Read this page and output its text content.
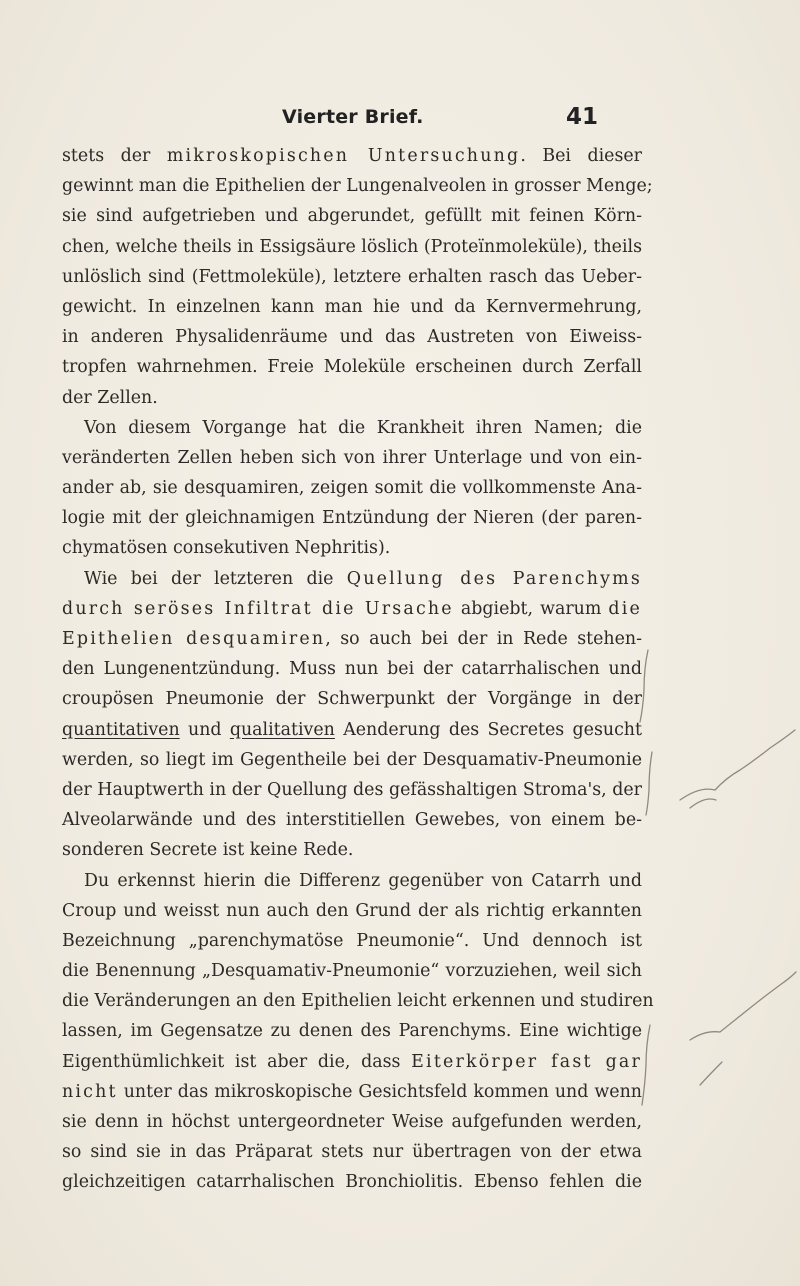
Vierter Brief.	41
stets der mikroskopischen Untersuchung. Bei dieser
gewinnt man die Epithelien der Lungenalveolen in grosser Menge;
sie sind aufgetrieben und abgerundet, gefüllt mit feinen Körn-
chen, welche theils in Essigsäure löslich (Proteïnmoleküle), theils
unlöslich sind (Fettmoleküle), letztere erhalten rasch das Ueber-
gewicht. In einzelnen kann man hie und da Kernvermehrung,
in anderen Physalidenräume und das Austreten von Eiweiss-
tropfen wahrnehmen. Freie Moleküle erscheinen durch Zerfall
der Zellen.
Von diesem Vorgange hat die Krankheit ihren Namen; die
veränderten Zellen heben sich von ihrer Unterlage und von ein-
ander ab, sie desquamiren, zeigen somit die vollkommenste Ana-
logie mit der gleichnamigen Entzündung der Nieren (der paren-
chymatösen consekutiven Nephritis).
Wie bei der letzteren die Quellung des Parenchyms
durch seröses Infiltrat die Ursache abgiebt, warum die
Epithelien desquamiren, so auch bei der in Rede stehen-
den Lungenentzündung. Muss nun bei der catarrhalischen und
croupösen Pneumonie der Schwerpunkt der Vorgänge in der
quantitativen und qualitativen Aenderung des Secretes gesucht
werden, so liegt im Gegentheile bei der Desquamativ-Pneumonie
der Hauptwerth in der Quellung des gefässhaltigen Stroma's, der
Alveolarwände und des interstitiellen Gewebes, von einem be-
sonderen Secrete ist keine Rede.
Du erkennst hierin die Differenz gegenüber von Catarrh und
Croup und weisst nun auch den Grund der als richtig erkannten
Bezeichnung „parenchymatöse Pneumonie“. Und dennoch ist
die Benennung „Desquamativ-Pneumonie“ vorzuziehen, weil sich
die Veränderungen an den Epithelien leicht erkennen und studiren
lassen, im Gegensatze zu denen des Parenchyms. Eine wichtige
Eigenthümlichkeit ist aber die, dass Eiterkörper fast gar
nicht unter das mikroskopische Gesichtsfeld kommen und wenn
sie denn in höchst untergeordneter Weise aufgefunden werden,
so sind sie in das Präparat stets nur übertragen von der etwa
gleichzeitigen catarrhalischen Bronchiolitis. Ebenso fehlen die
